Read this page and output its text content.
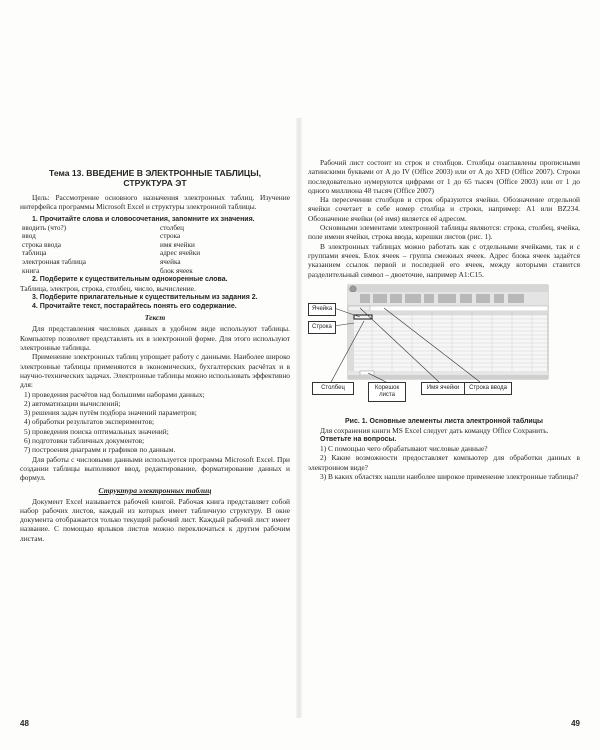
Тема 13. ВВЕДЕНИЕ В ЭЛЕКТРОННЫЕ ТАБЛИЦЫ,
СТРУКТУРА ЭТ

Цель: Рассмотрение основного назначения электронных таблиц. Изучение интерфейса программы Microsoft Excel и структуры электронной таблицы.

1. Прочитайте слова и словосочетания, запомните их значения.

вводить (что?)	столбец
ввод	строка
строка ввода	имя ячейки
таблица	адрес ячейки
электронная таблица	ячейка
книга	блок ячеек

2. Подберите к существительным однокоренные слова.

Таблица, электрон, строка, столбец, число, вычисление.

3. Подберите прилагательные к существительным из задания 2.

4. Прочитайте текст, постарайтесь понять его содержание.

Текст

Для представления числовых данных в удобном виде используют таблицы. Компьютер позволяет представлять их в электронной форме. Для этого используют электронные таблицы.

Применение электронных таблиц упрощает работу с данными. Наиболее широко электронные таблицы применяются в экономических, бухгалтерских расчётах и в научно-технических задачах. Электронные таблицы можно использовать эффективно для:

1) проведения расчётов над большими наборами данных;

2) автоматизации вычислений;

3) решения задач путём подбора значений параметров;

4) обработки результатов экспериментов;

5) проведения поиска оптимальных значений;

6) подготовки табличных документов;

7) построения диаграмм и графиков по данным.

Для работы с числовыми данными используется программа Microsoft Excel. При создании таблицы выполняют ввод, редактирование, форматирование данных и формул.

Структура электронных таблиц

Документ Excel называется рабочей книгой. Рабочая книга представляет собой набор рабочих листов, каждый из которых имеет табличную структуру. В окне документа отображается только текущий рабочий лист. Каждый рабочий лист имеет название. С помощью ярлыков листов можно переключаться к другим рабочим листам.

48

Рабочий лист состоит из строк и столбцов. Столбцы озаглавлены прописными латинскими буквами от A до IV (Office 2003) или от A до XFD (Office 2007). Строки последовательно нумеруются цифрами от 1 до 65 тысяч (Office 2003) или от 1 до одного миллиона 48 тысяч (Office 2007)

На пересечении столбцов и строк образуются ячейки. Обозначение отдельной ячейки сочетает в себе номер столбца и строки, например: A1 или BZ234. Обозначение ячейки (её имя) является её адресом.

Основными элементами электронной таблицы являются: строка, столбец, ячейка, поле имени ячейки, строка ввода, корешки листов (рис. 1).

В электронных таблицах можно работать как с отдельными ячейками, так и с группами ячеек. Блок ячеек – группа смежных ячеек. Адрес блока ячеек задаётся указанием ссылок первой и последней его ячеек, между которыми ставится разделительный символ – двоеточие, например A1:C15.

Ячейка
Строка
Столбец	Корешок листа
Имя ячейки	Строка ввода

Рис. 1. Основные элементы листа электронной таблицы

Для сохранения книги MS Excel следует дать команду Office Сохранить.

Ответьте на вопросы.

1) С помощью чего обрабатывают числовые данные?

2) Какие возможности предоставляет компьютер для обработки данных в электронном виде?

3) В каких областях нашли наиболее широкое применение электронные таблицы?

49
